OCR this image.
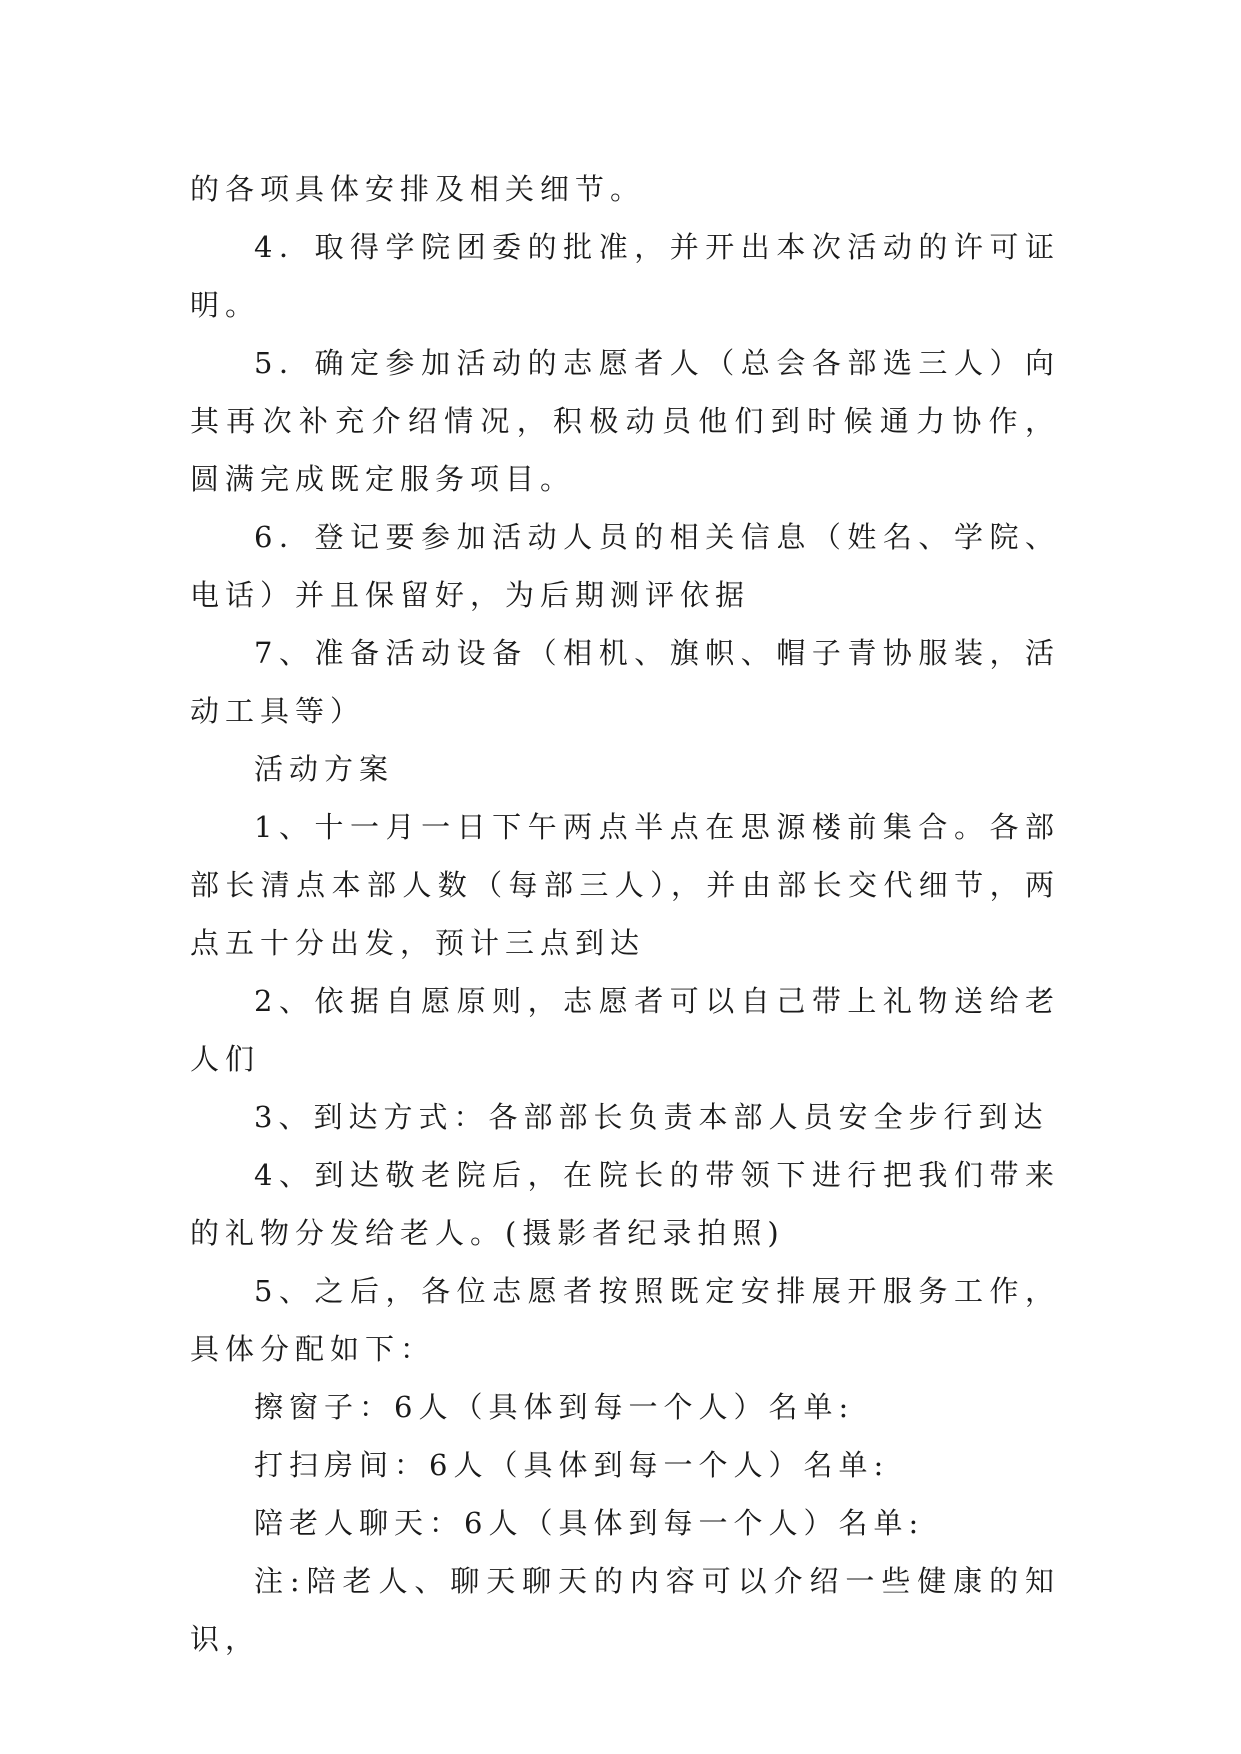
的各项具体安排及相关细节。

4．取得学院团委的批准，并开出本次活动的许可证明。

5．确定参加活动的志愿者人（总会各部选三人）向其再次补充介绍情况，积极动员他们到时候通力协作，圆满完成既定服务项目。

6．登记要参加活动人员的相关信息（姓名、学院、电话）并且保留好，为后期测评依据

7、准备活动设备（相机、旗帜、帽子青协服装，活动工具等）

活动方案

1、十一月一日下午两点半点在思源楼前集合。各部部长清点本部人数（每部三人），并由部长交代细节，两点五十分出发，预计三点到达

2、依据自愿原则，志愿者可以自己带上礼物送给老人们

3、到达方式：各部部长负责本部人员安全步行到达

4、到达敬老院后，在院长的带领下进行把我们带来的礼物分发给老人。(摄影者纪录拍照)

5、之后，各位志愿者按照既定安排展开服务工作，具体分配如下：

擦窗子：6人（具体到每一个人）名单:

打扫房间：6人（具体到每一个人）名单:

陪老人聊天：6人（具体到每一个人）名单:

注:陪老人、聊天聊天的内容可以介绍一些健康的知识，
